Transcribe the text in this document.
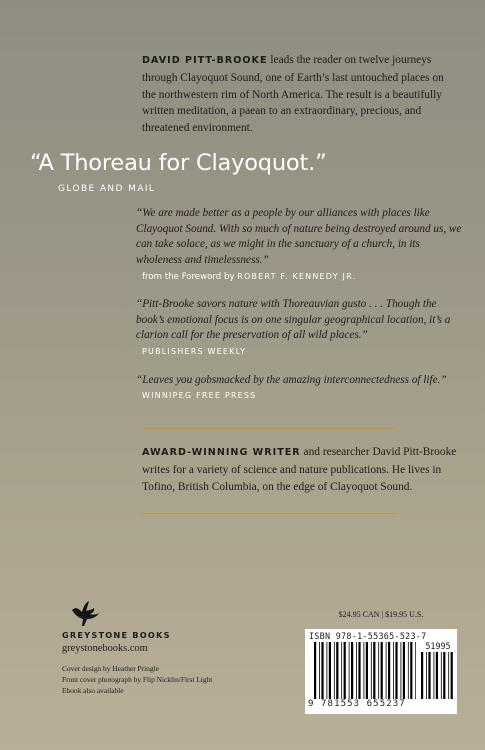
DAVID PITT-BROOKE leads the reader on twelve journeys through Clayoquot Sound, one of Earth’s last untouched places on the northwestern rim of North America. The result is a beautifully written meditation, a paean to an extraordinary, precious, and threatened environment.
“A Thoreau for Clayoquot.”
GLOBE AND MAIL
“We are made better as a people by our alliances with places like Clayoquot Sound. With so much of nature being destroyed around us, we can take solace, as we might in the sanctuary of a church, in its wholeness and timelessness.”
from the Foreword by ROBERT F. KENNEDY JR.
“Pitt-Brooke savors nature with Thoreauvian gusto . . . Though the book’s emotional focus is on one singular geographical location, it’s a clarion call for the preservation of all wild places.”
PUBLISHERS WEEKLY
“Leaves you gobsmacked by the amazing interconnectedness of life.”
WINNIPEG FREE PRESS
AWARD-WINNING WRITER and researcher David Pitt-Brooke writes for a variety of science and nature publications. He lives in Tofino, British Columbia, on the edge of Clayoquot Sound.
GREYSTONE BOOKS
greystonebooks.com
Cover design by Heather Pringle
Front cover photograph by Flip Nicklin/First Light
Ebook also available
$24.95 CAN | $19.95 U.S.
ISBN 978-1-55365-523-7
51995
9 781553 655237
